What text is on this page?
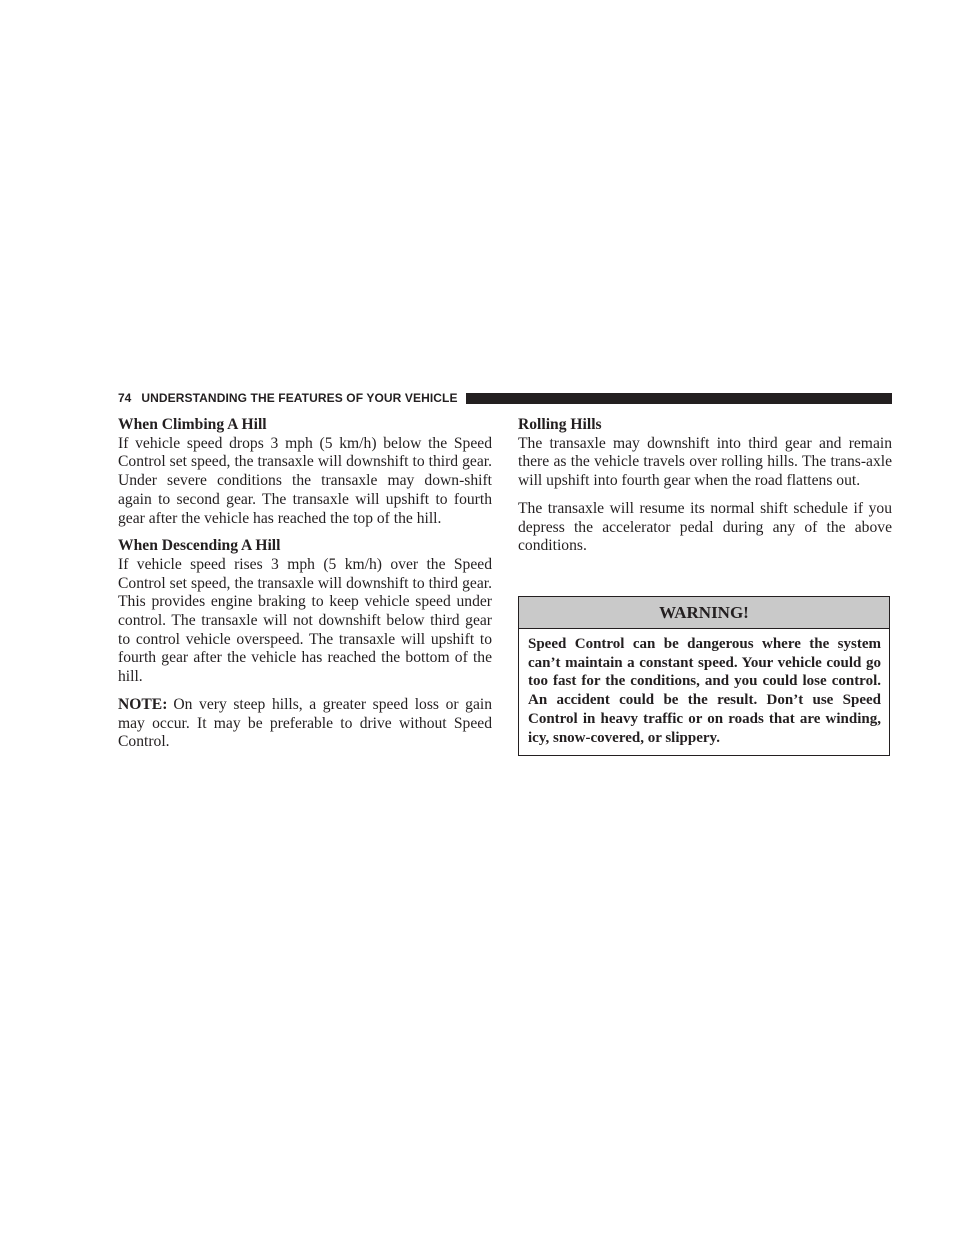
74 UNDERSTANDING THE FEATURES OF YOUR VEHICLE
When Climbing A Hill

If vehicle speed drops 3 mph (5 km/h) below the Speed Control set speed, the transaxle will downshift to third gear. Under severe conditions the transaxle may down-shift again to second gear. The transaxle will upshift to fourth gear after the vehicle has reached the top of the hill.

When Descending A Hill

If vehicle speed rises 3 mph (5 km/h) over the Speed Control set speed, the transaxle will downshift to third gear. This provides engine braking to keep vehicle speed under control. The transaxle will not downshift below third gear to control vehicle overspeed. The transaxle will upshift to fourth gear after the vehicle has reached the bottom of the hill.

NOTE: On very steep hills, a greater speed loss or gain may occur. It may be preferable to drive without Speed Control.

Rolling Hills

The transaxle may downshift into third gear and remain there as the vehicle travels over rolling hills. The trans-axle will upshift into fourth gear when the road flattens out.

The transaxle will resume its normal shift schedule if you depress the accelerator pedal during any of the above conditions.

WARNING!
Speed Control can be dangerous where the system can’t maintain a constant speed. Your vehicle could go too fast for the conditions, and you could lose control. An accident could be the result. Don’t use Speed Control in heavy traffic or on roads that are winding, icy, snow-covered, or slippery.
